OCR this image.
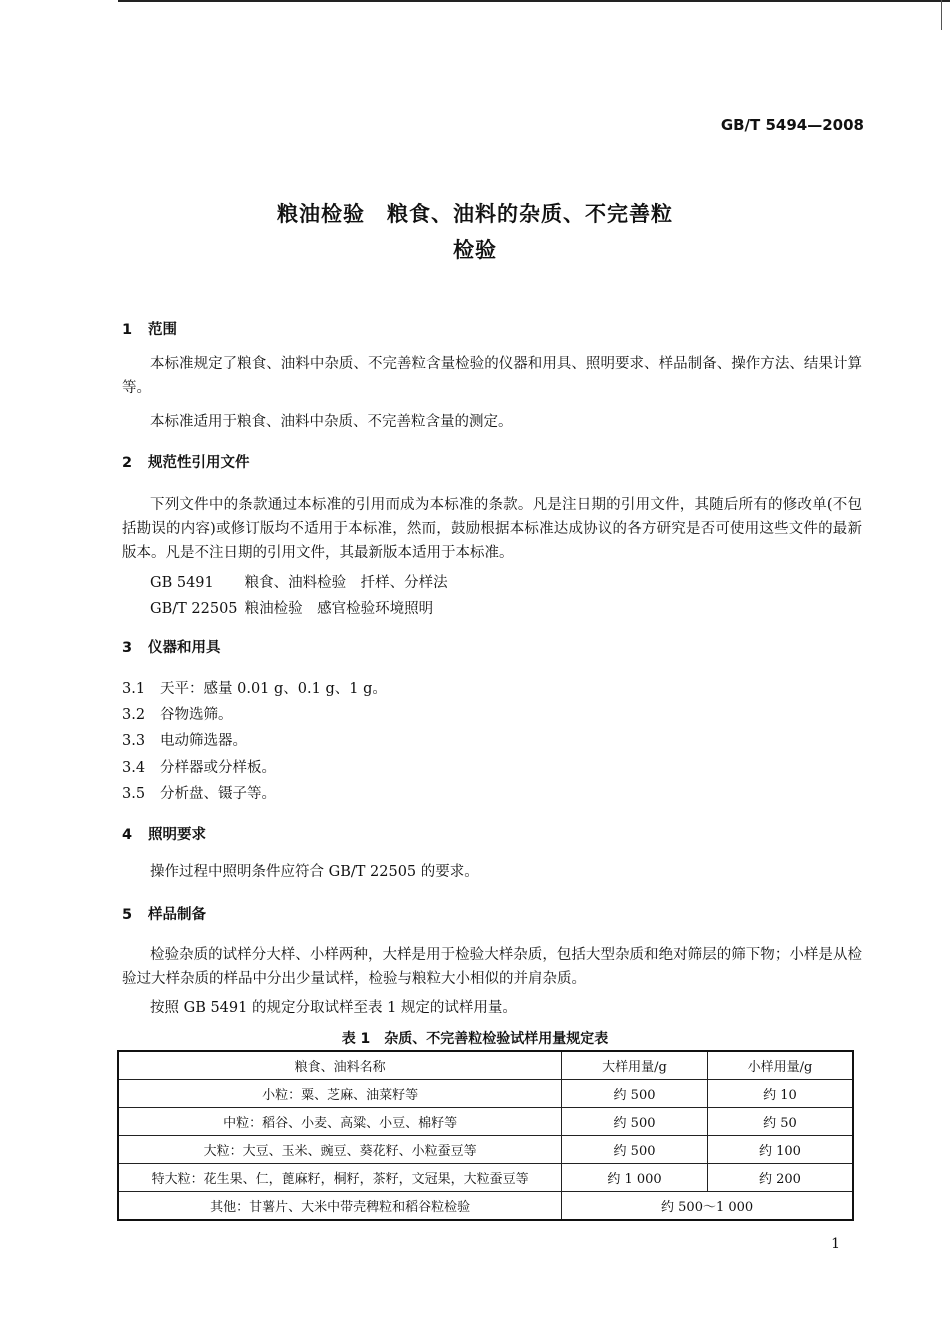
GB/T 5494—2008
粮油检验　粮食、油料的杂质、不完善粒
检验
1 范围
本标准规定了粮食、油料中杂质、不完善粒含量检验的仪器和用具、照明要求、样品制备、操作方法、结果计算等。
本标准适用于粮食、油料中杂质、不完善粒含量的测定。
2 规范性引用文件
下列文件中的条款通过本标准的引用而成为本标准的条款。凡是注日期的引用文件，其随后所有的修改单(不包括勘误的内容)或修订版均不适用于本标准，然而，鼓励根据本标准达成协议的各方研究是否可使用这些文件的最新版本。凡是不注日期的引用文件，其最新版本适用于本标准。
GB 5491 粮食、油料检验　扦样、分样法
GB/T 22505 粮油检验　感官检验环境照明
3 仪器和用具
3.1 天平：感量 0.01 g、0.1 g、1 g。
3.2 谷物选筛。
3.3 电动筛选器。
3.4 分样器或分样板。
3.5 分析盘、镊子等。
4 照明要求
操作过程中照明条件应符合 GB/T 22505 的要求。
5 样品制备
检验杂质的试样分大样、小样两种，大样是用于检验大样杂质，包括大型杂质和绝对筛层的筛下物；小样是从检验过大样杂质的样品中分出少量试样，检验与粮粒大小相似的并肩杂质。
按照 GB 5491 的规定分取试样至表 1 规定的试样用量。
表 1　杂质、不完善粒检验试样用量规定表
粮食、油料名称	大样用量/g	小样用量/g
小粒：粟、芝麻、油菜籽等	约 500	约 10
中粒：稻谷、小麦、高粱、小豆、棉籽等	约 500	约 50
大粒：大豆、玉米、豌豆、葵花籽、小粒蚕豆等	约 500	约 100
特大粒：花生果、仁，蓖麻籽，桐籽，茶籽，文冠果，大粒蚕豆等	约 1 000	约 200
其他：甘薯片、大米中带壳稗粒和稻谷粒检验	约 500～1 000	
1
